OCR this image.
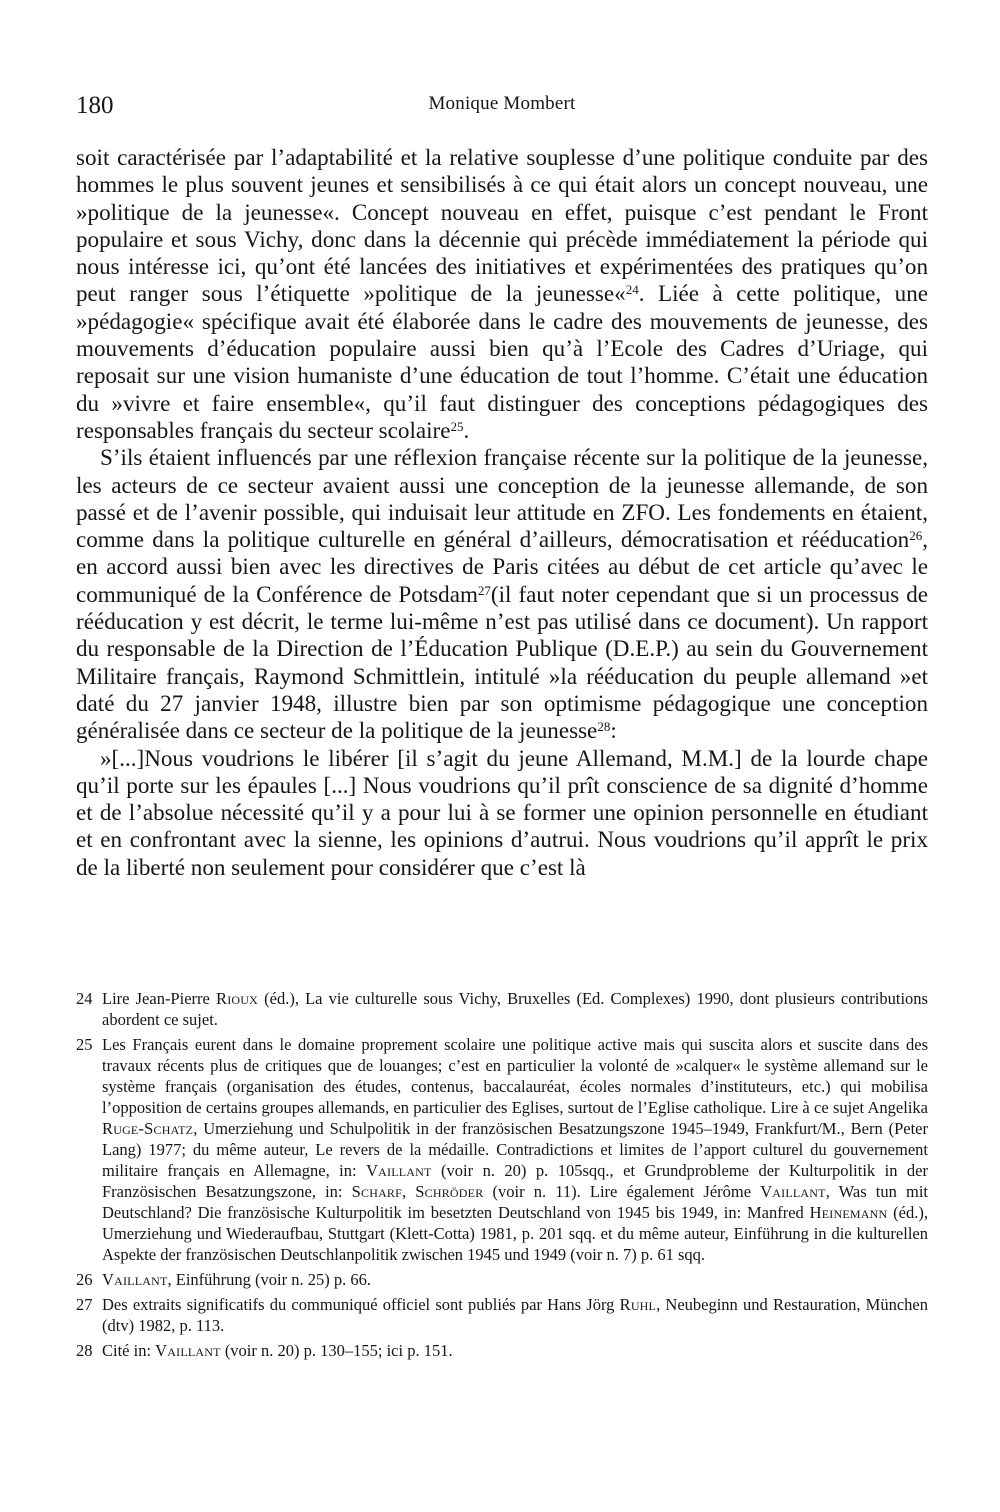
180	Monique Mombert

soit caractérisée par l’adaptabilité et la relative souplesse d’une politique conduite par des hommes le plus souvent jeunes et sensibilisés à ce qui était alors un concept nouveau, une »politique de la jeunesse«. Concept nouveau en effet, puisque c’est pendant le Front populaire et sous Vichy, donc dans la décennie qui précède immédiatement la période qui nous intéresse ici, qu’ont été lancées des initiatives et expérimentées des pratiques qu’on peut ranger sous l’étiquette »politique de la jeunesse«$^{24}$. Liée à cette politique, une »pédagogie« spécifique avait été élaborée dans le cadre des mouvements de jeunesse, des mouvements d’éducation populaire aussi bien qu’à l’Ecole des Cadres d’Uriage, qui reposait sur une vision humaniste d’une éducation de tout l’homme. C’était une éducation du »vivre et faire ensemble«, qu’il faut distinguer des conceptions pédagogiques des responsables français du secteur scolaire$^{25}$.

S’ils étaient influencés par une réflexion française récente sur la politique de la jeunesse, les acteurs de ce secteur avaient aussi une conception de la jeunesse allemande, de son passé et de l’avenir possible, qui induisait leur attitude en ZFO. Les fondements en étaient, comme dans la politique culturelle en général d’ailleurs, démocratisation et rééducation$^{26}$, en accord aussi bien avec les directives de Paris citées au début de cet article qu’avec le communiqué de la Conférence de Potsdam$^{27}$(il faut noter cependant que si un processus de rééducation y est décrit, le terme lui-même n’est pas utilisé dans ce document). Un rapport du responsable de la Direction de l’Éducation Publique (D.E.P.) au sein du Gouvernement Militaire français, Raymond Schmittlein, intitulé »la rééducation du peuple allemand »et daté du 27 janvier 1948, illustre bien par son optimisme pédagogique une conception généralisée dans ce secteur de la politique de la jeunesse$^{28}$:

»[...]Nous voudrions le libérer [il s’agit du jeune Allemand, M.M.] de la lourde chape qu’il porte sur les épaules [...] Nous voudrions qu’il prît conscience de sa dignité d’homme et de l’absolue nécessité qu’il y a pour lui à se former une opinion personnelle en étudiant et en confrontant avec la sienne, les opinions d’autrui. Nous voudrions qu’il apprît le prix de la liberté non seulement pour considérer que c’est là

24 Lire Jean-Pierre Rioux (éd.), La vie culturelle sous Vichy, Bruxelles (Ed. Complexes) 1990, dont plusieurs contributions abordent ce sujet.

25 Les Français eurent dans le domaine proprement scolaire une politique active mais qui suscita alors et suscite dans des travaux récents plus de critiques que de louanges; c’est en particulier la volonté de »calquer« le système allemand sur le système français (organisation des études, contenus, baccalauréat, écoles normales d’instituteurs, etc.) qui mobilisa l’opposition de certains groupes allemands, en particulier des Eglises, surtout de l’Eglise catholique. Lire à ce sujet Angelika Ruge-Schatz, Umerziehung und Schulpolitik in der französischen Besatzungszone 1945–1949, Frankfurt/M., Bern (Peter Lang) 1977; du même auteur, Le revers de la médaille. Contradictions et limites de l’apport culturel du gouvernement militaire français en Allemagne, in: Vaillant (voir n. 20) p. 105sqq., et Grundprobleme der Kulturpolitik in der Französischen Besatzungszone, in: Scharf, Schröder (voir n. 11). Lire également Jérôme Vaillant, Was tun mit Deutschland? Die französische Kulturpolitik im besetzten Deutschland von 1945 bis 1949, in: Manfred Heinemann (éd.), Umerziehung und Wiederaufbau, Stuttgart (Klett-Cotta) 1981, p. 201 sqq. et du même auteur, Einführung in die kulturellen Aspekte der französischen Deutschlanpolitik zwischen 1945 und 1949 (voir n. 7) p. 61 sqq.

26 Vaillant, Einführung (voir n. 25) p. 66.

27 Des extraits significatifs du communiqué officiel sont publiés par Hans Jörg Ruhl, Neubeginn und Restauration, München (dtv) 1982, p. 113.

28 Cité in: Vaillant (voir n. 20) p. 130–155; ici p. 151.
